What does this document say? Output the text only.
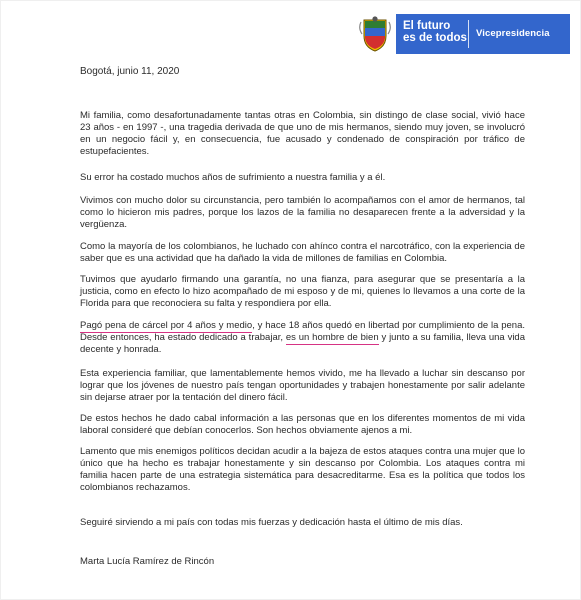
El futuro
es de todos Vicepresidencia
Bogotá, junio 11, 2020
Mi familia, como desafortunadamente tantas otras en Colombia, sin distingo de clase social, vivió hace 23 años - en 1997 -, una tragedia derivada de que uno de mis hermanos, siendo muy joven, se involucró en un negocio fácil y, en consecuencia, fue acusado y condenado de conspiración por tráfico de estupefacientes.
Su error ha costado muchos años de sufrimiento a nuestra familia y a él.
Vivimos con mucho dolor su circunstancia, pero también lo acompañamos con el amor de hermanos, tal como lo hicieron mis padres, porque los lazos de la familia no desaparecen frente a la adversidad y la vergüenza.
Como la mayoría de los colombianos, he luchado con ahínco contra el narcotráfico, con la experiencia de saber que es una actividad que ha dañado la vida de millones de familias en Colombia.
Tuvimos que ayudarlo firmando una garantía, no una fianza, para asegurar que se presentaría a la justicia, como en efecto lo hizo acompañado de mi esposo y de mi, quienes lo llevamos a una corte de la Florida para que reconociera su falta y respondiera por ella.
Pagó pena de cárcel por 4 años y medio, y hace 18 años quedó en libertad por cumplimiento de la pena. Desde entonces, ha estado dedicado a trabajar, es un hombre de bien y junto a su familia, lleva una vida decente y honrada.
Esta experiencia familiar, que lamentablemente hemos vivido, me ha llevado a luchar sin descanso por lograr que los jóvenes de nuestro país tengan oportunidades y trabajen honestamente por salir adelante sin dejarse atraer por la tentación del dinero fácil.
De estos hechos he dado cabal información a las personas que en los diferentes momentos de mi vida laboral consideré que debían conocerlos. Son hechos obviamente ajenos a mi.
Lamento que mis enemigos políticos decidan acudir a la bajeza de estos ataques contra una mujer que lo único que ha hecho es trabajar honestamente y sin descanso por Colombia. Los ataques contra mi familia hacen parte de una estrategia sistemática para desacreditarme. Esa es la política que todos los colombianos rechazamos.
Seguiré sirviendo a mi país con todas mis fuerzas y dedicación hasta el último de mis días.
Marta Lucía Ramírez de Rincón
